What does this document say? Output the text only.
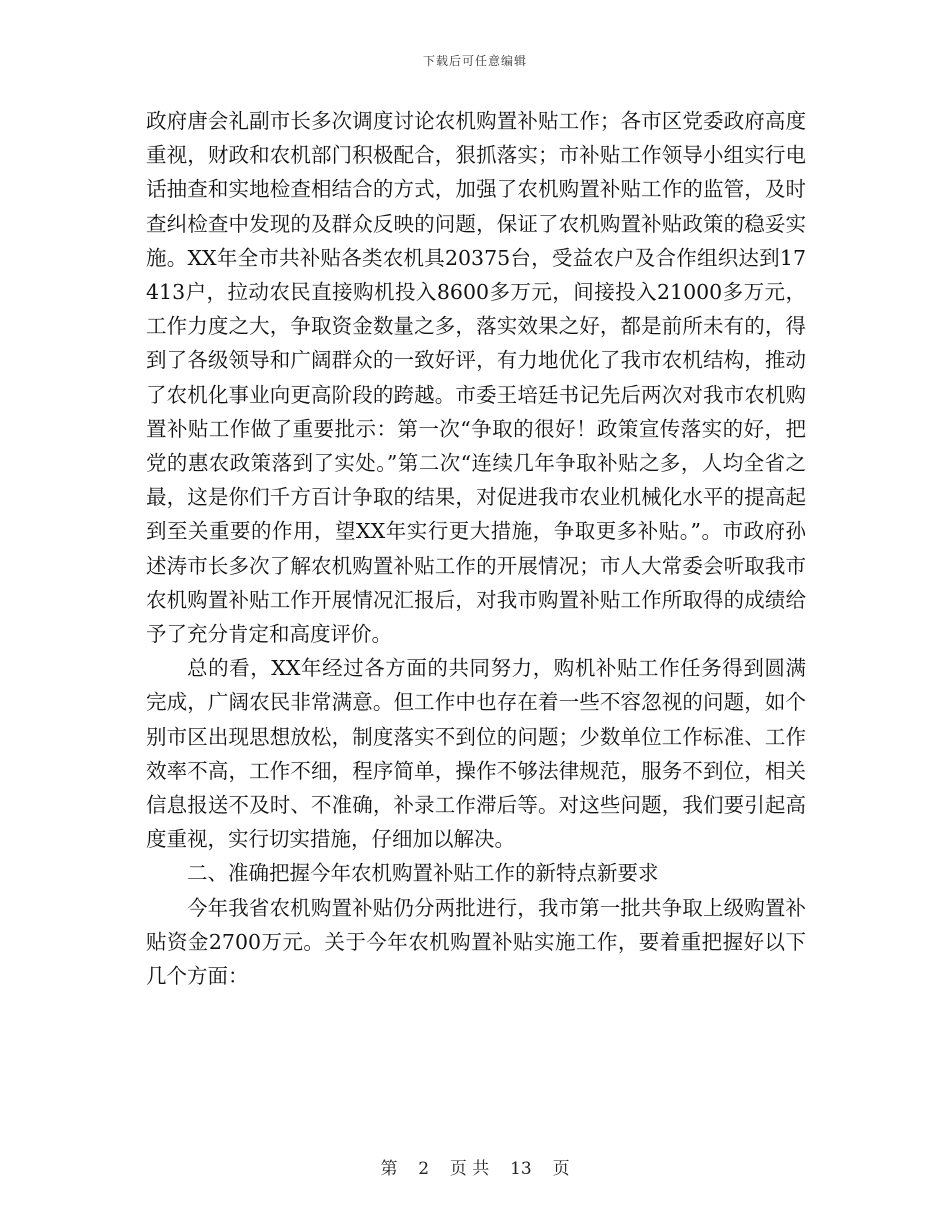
下载后可任意编辑

政府唐会礼副市长多次调度讨论农机购置补贴工作；各市区党委政府高度重视，财政和农机部门积极配合，狠抓落实；市补贴工作领导小组实行电话抽查和实地检查相结合的方式，加强了农机购置补贴工作的监管，及时查纠检查中发现的及群众反映的问题，保证了农机购置补贴政策的稳妥实施。XX年全市共补贴各类农机具20375台，受益农户及合作组织达到17413户，拉动农民直接购机投入8600多万元，间接投入21000多万元，工作力度之大，争取资金数量之多，落实效果之好，都是前所未有的，得到了各级领导和广阔群众的一致好评，有力地优化了我市农机结构，推动了农机化事业向更高阶段的跨越。市委王培廷书记先后两次对我市农机购置补贴工作做了重要批示：第一次“争取的很好！政策宣传落实的好，把党的惠农政策落到了实处。”第二次“连续几年争取补贴之多，人均全省之最，这是你们千方百计争取的结果，对促进我市农业机械化水平的提高起到至关重要的作用，望XX年实行更大措施，争取更多补贴。”。市政府孙述涛市长多次了解农机购置补贴工作的开展情况；市人大常委会听取我市农机购置补贴工作开展情况汇报后，对我市购置补贴工作所取得的成绩给予了充分肯定和高度评价。

总的看，XX年经过各方面的共同努力，购机补贴工作任务得到圆满完成，广阔农民非常满意。但工作中也存在着一些不容忽视的问题，如个别市区出现思想放松，制度落实不到位的问题；少数单位工作标准、工作效率不高，工作不细，程序简单，操作不够法律规范，服务不到位，相关信息报送不及时、不准确，补录工作滞后等。对这些问题，我们要引起高度重视，实行切实措施，仔细加以解决。

二、准确把握今年农机购置补贴工作的新特点新要求

今年我省农机购置补贴仍分两批进行，我市第一批共争取上级购置补贴资金2700万元。关于今年农机购置补贴实施工作，要着重把握好以下几个方面：

第 2 页 共 13 页
